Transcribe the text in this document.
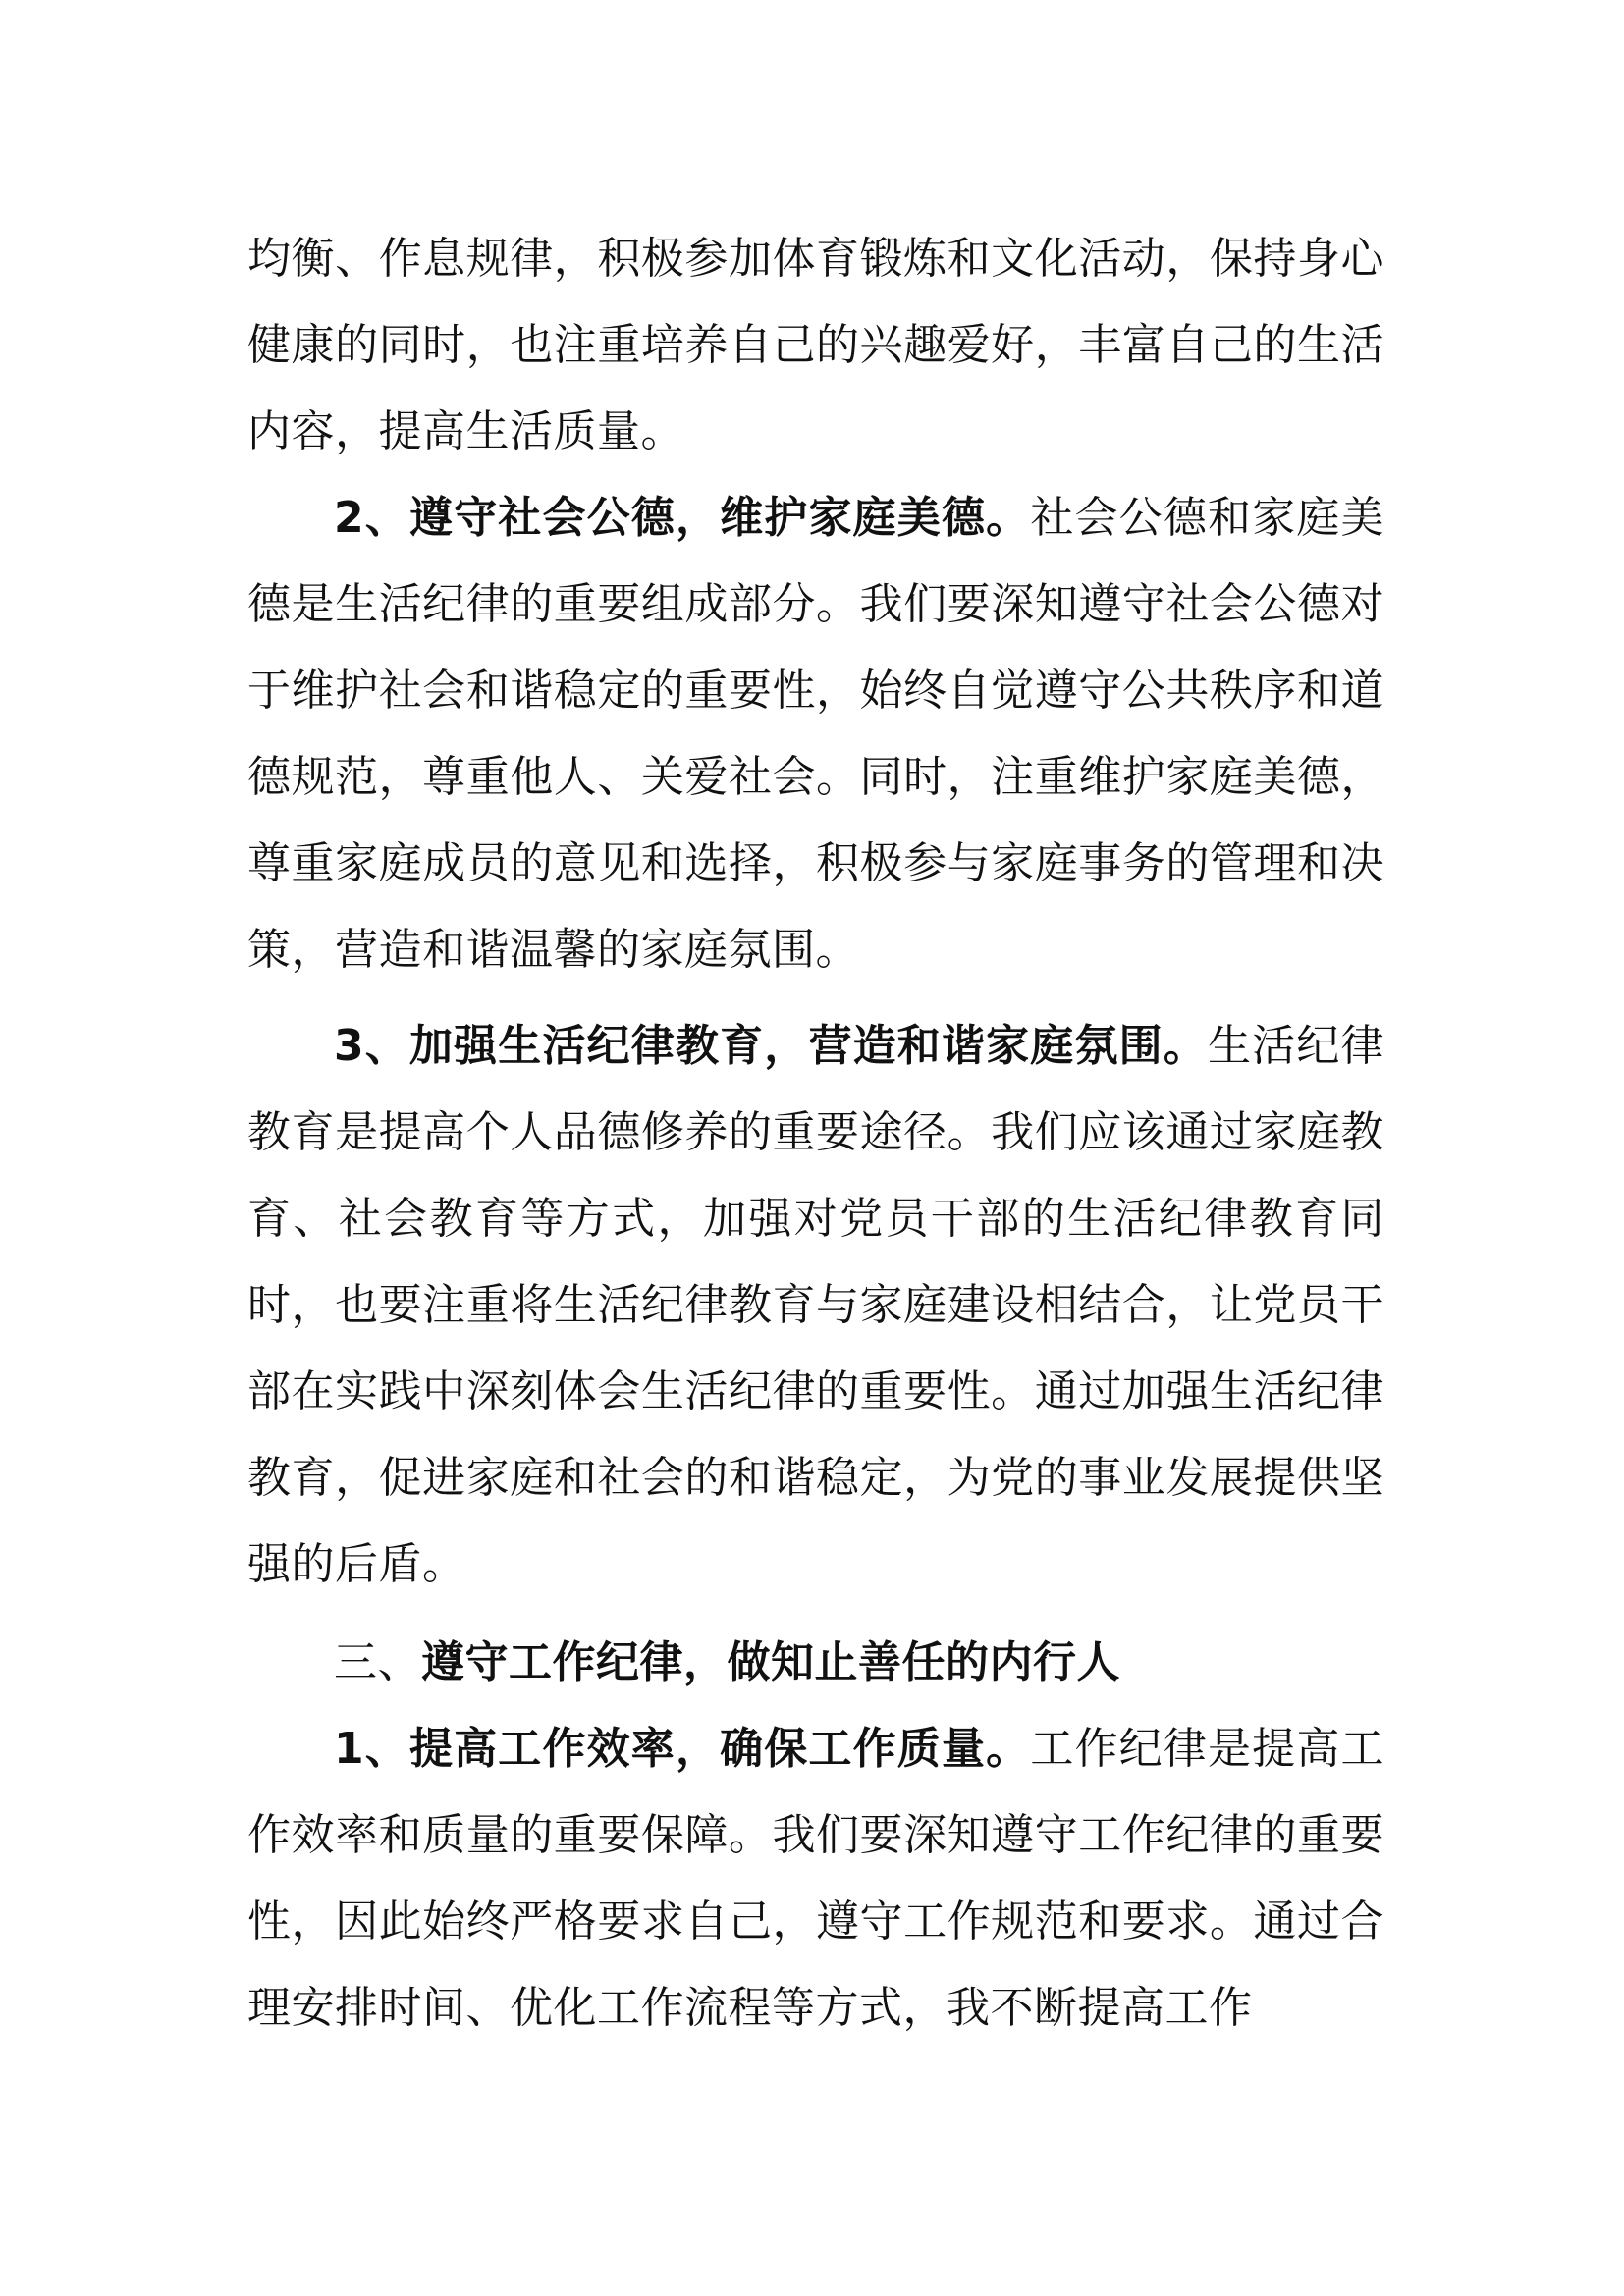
均衡、作息规律，积极参加体育锻炼和文化活动，保持身心健康的同时，也注重培养自己的兴趣爱好，丰富自己的生活内容，提高生活质量。

2、遵守社会公德，维护家庭美德。社会公德和家庭美德是生活纪律的重要组成部分。我们要深知遵守社会公德对于维护社会和谐稳定的重要性，始终自觉遵守公共秩序和道德规范，尊重他人、关爱社会。同时，注重维护家庭美德，尊重家庭成员的意见和选择，积极参与家庭事务的管理和决策，营造和谐温馨的家庭氛围。

3、加强生活纪律教育，营造和谐家庭氛围。生活纪律教育是提高个人品德修养的重要途径。我们应该通过家庭教育、社会教育等方式，加强对党员干部的生活纪律教育同时，也要注重将生活纪律教育与家庭建设相结合，让党员干部在实践中深刻体会生活纪律的重要性。通过加强生活纪律教育，促进家庭和社会的和谐稳定，为党的事业发展提供坚强的后盾。

三、遵守工作纪律，做知止善任的内行人

1、提高工作效率，确保工作质量。工作纪律是提高工作效率和质量的重要保障。我们要深知遵守工作纪律的重要性，因此始终严格要求自己，遵守工作规范和要求。通过合理安排时间、优化工作流程等方式，我不断提高工作
